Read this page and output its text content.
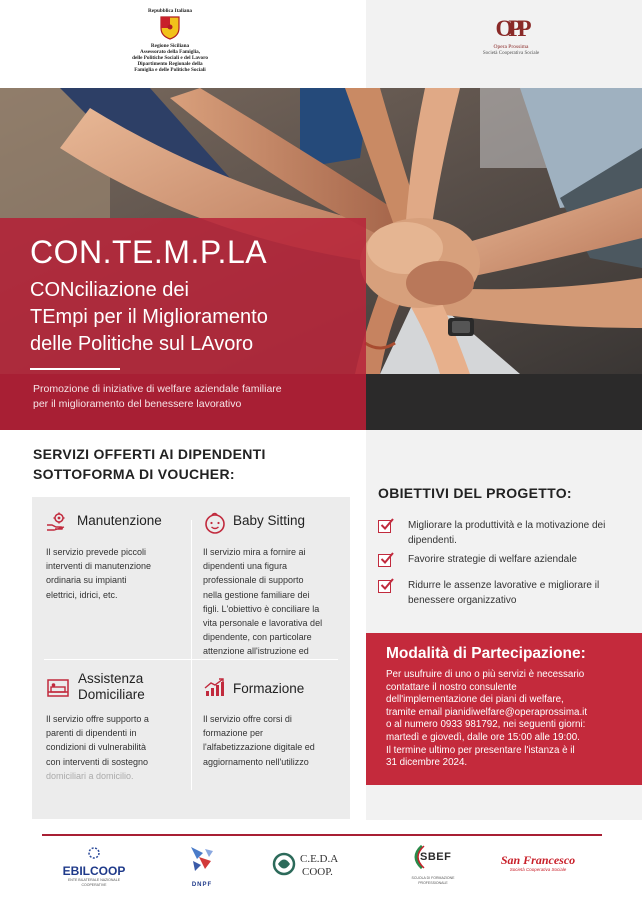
Repubblica Italiana
Regione Siciliana
Assessorato della Famiglia,
delle Politiche Sociali e del Lavoro
Dipartimento Regionale della
Famiglia e delle Politiche Sociali
OPP
Opera Prossima
Società Cooperativa Sociale
CON.TE.M.P.LA
CONciliazione dei
TEmpi per il Miglioramento
delle Politiche sul LAvoro
Promozione di iniziative di welfare aziendale familiare
per il miglioramento del benessere lavorativo
SERVIZI OFFERTI AI DIPENDENTI
SOTTOFORMA DI VOUCHER:
Manutenzione
Il servizio prevede piccoli
interventi di manutenzione
ordinaria su impianti
elettrici, idrici, etc.
Baby Sitting
Il servizio mira a fornire ai
dipendenti una figura
professionale di supporto
nella gestione familiare dei
figli. L'obiettivo è conciliare la
vita personale e lavorativa del
dipendente, con particolare
attenzione all'istruzione ed
Assistenza
Domiciliare
Il servizio offre supporto a
parenti di dipendenti in
condizioni di vulnerabilità
con interventi di sostegno
domiciliari a domicilio.
Formazione
Il servizio offre corsi di
formazione per
l'alfabetizzazione digitale ed
aggiornamento nell'utilizzo
OBIETTIVI DEL PROGETTO:
Migliorare la produttività e la motivazione dei dipendenti.
Favorire strategie di welfare aziendale
Ridurre le assenze lavorative e migliorare il benessere organizzativo
Modalità di Partecipazione:
Per usufruire di uno o più servizi è necessario
contattare il nostro consulente
dell'implementazione dei piani di welfare,
tramite email pianidiwelfare@operaprossima.it
o al numero 0933 981792, nei seguenti giorni:
martedì e giovedì, dalle ore 15:00 alle 19:00.
Il termine ultimo per presentare l'istanza è il
31 dicembre 2024.
EBILCOOP
ENTE BILATERALE NAZIONALE COOPERATIVE	DNPF
C.E.D.A
COOP.
SBEF
SCUOLA DI FORMAZIONE PROFESSIONALE
San Francesco
Società Cooperativa Sociale
